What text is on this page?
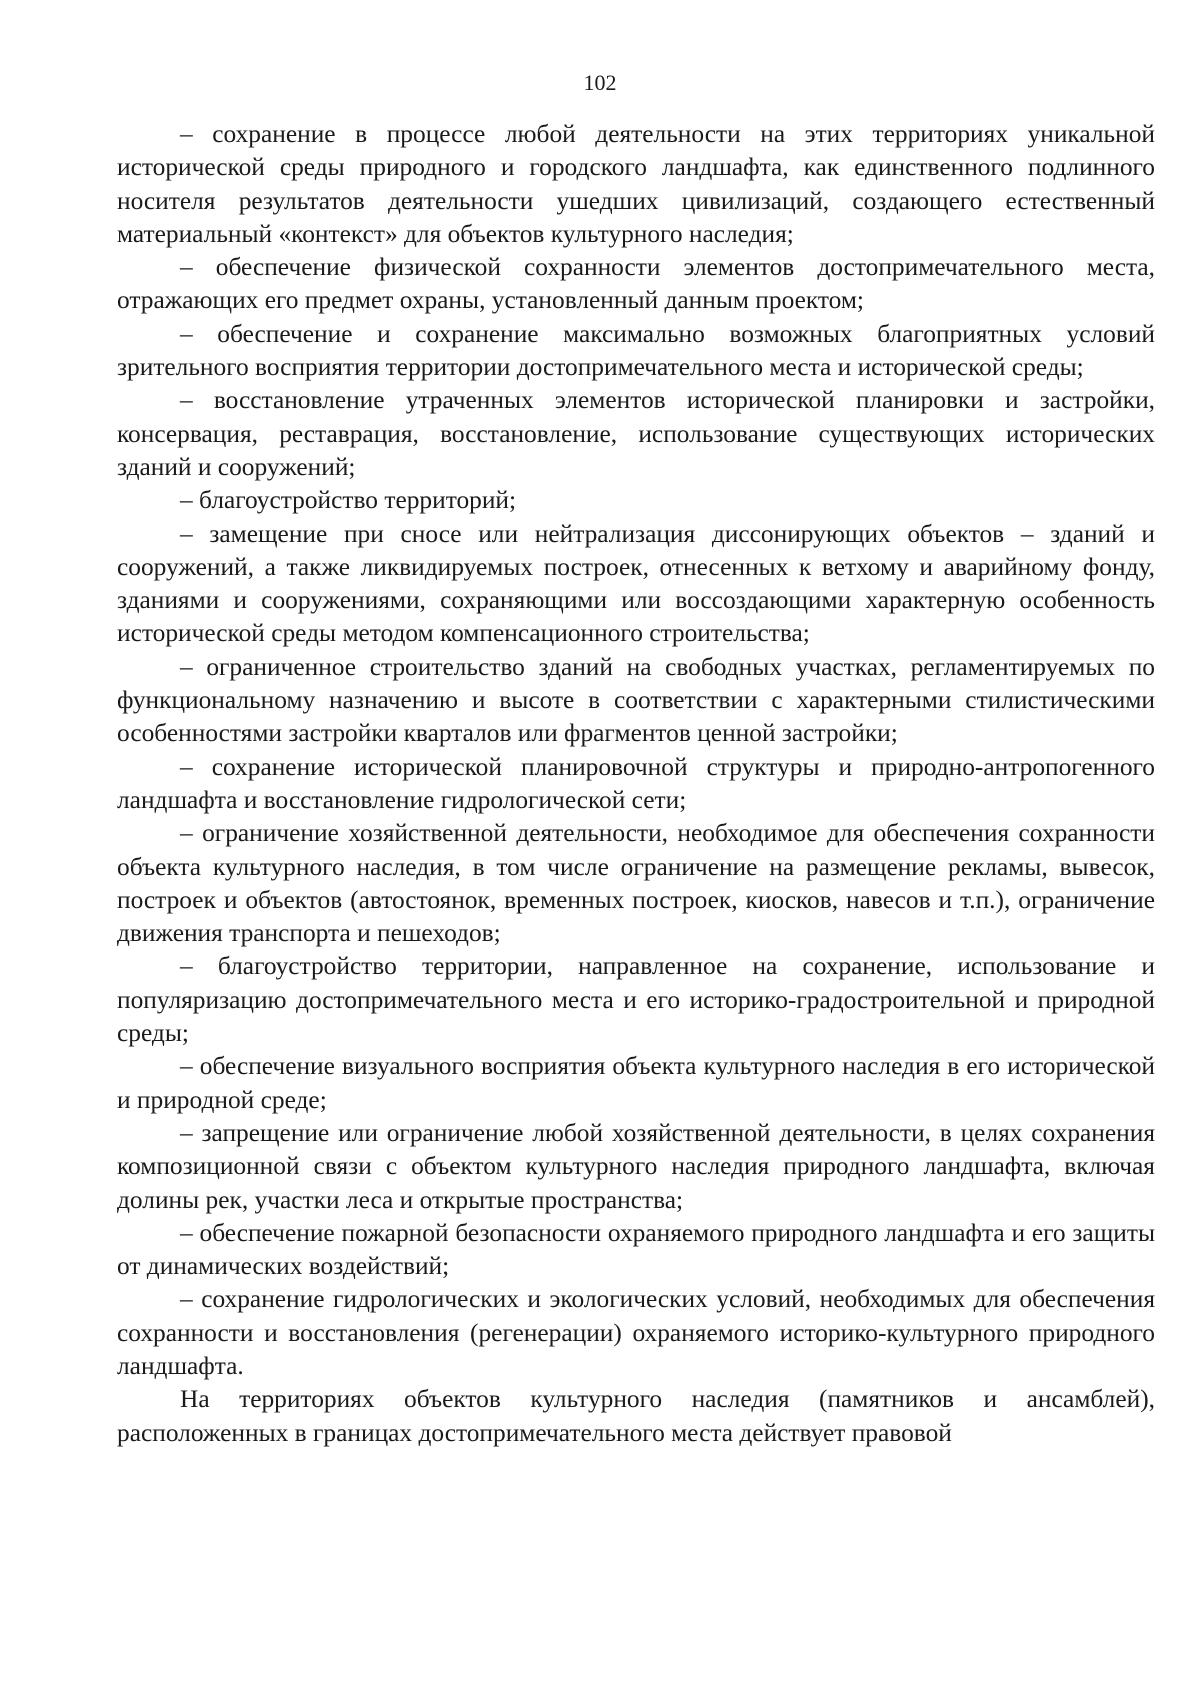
102

– сохранение в процессе любой деятельности на этих территориях уникальной исторической среды природного и городского ландшафта, как единственного подлинного носителя результатов деятельности ушедших цивилизаций, создающего естественный материальный «контекст» для объектов культурного наследия;

– обеспечение физической сохранности элементов достопримечательного места, отражающих его предмет охраны, установленный данным проектом;

– обеспечение и сохранение максимально возможных благоприятных условий зрительного восприятия территории достопримечательного места и исторической среды;

– восстановление утраченных элементов исторической планировки и застройки, консервация, реставрация, восстановление, использование существующих исторических зданий и сооружений;

– благоустройство территорий;

– замещение при сносе или нейтрализация диссонирующих объектов – зданий и сооружений, а также ликвидируемых построек, отнесенных к ветхому и аварийному фонду, зданиями и сооружениями, сохраняющими или воссоздающими характерную особенность исторической среды методом компенсационного строительства;

– ограниченное строительство зданий на свободных участках, регламентируемых по функциональному назначению и высоте в соответствии с характерными стилистическими особенностями застройки кварталов или фрагментов ценной застройки;

– сохранение исторической планировочной структуры и природно-антропогенного ландшафта и восстановление гидрологической сети;

– ограничение хозяйственной деятельности, необходимое для обеспечения сохранности объекта культурного наследия, в том числе ограничение на размещение рекламы, вывесок, построек и объектов (автостоянок, временных построек, киосков, навесов и т.п.), ограничение движения транспорта и пешеходов;

– благоустройство территории, направленное на сохранение, использование и популяризацию достопримечательного места и его историко-градостроительной и природной среды;

– обеспечение визуального восприятия объекта культурного наследия в его исторической и природной среде;

– запрещение или ограничение любой хозяйственной деятельности, в целях сохранения композиционной связи с объектом культурного наследия природного ландшафта, включая долины рек, участки леса и открытые пространства;

– обеспечение пожарной безопасности охраняемого природного ландшафта и его защиты от динамических воздействий;

– сохранение гидрологических и экологических условий, необходимых для обеспечения сохранности и восстановления (регенерации) охраняемого историко-культурного природного ландшафта.

На территориях объектов культурного наследия (памятников и ансамблей), расположенных в границах достопримечательного места действует правовой
